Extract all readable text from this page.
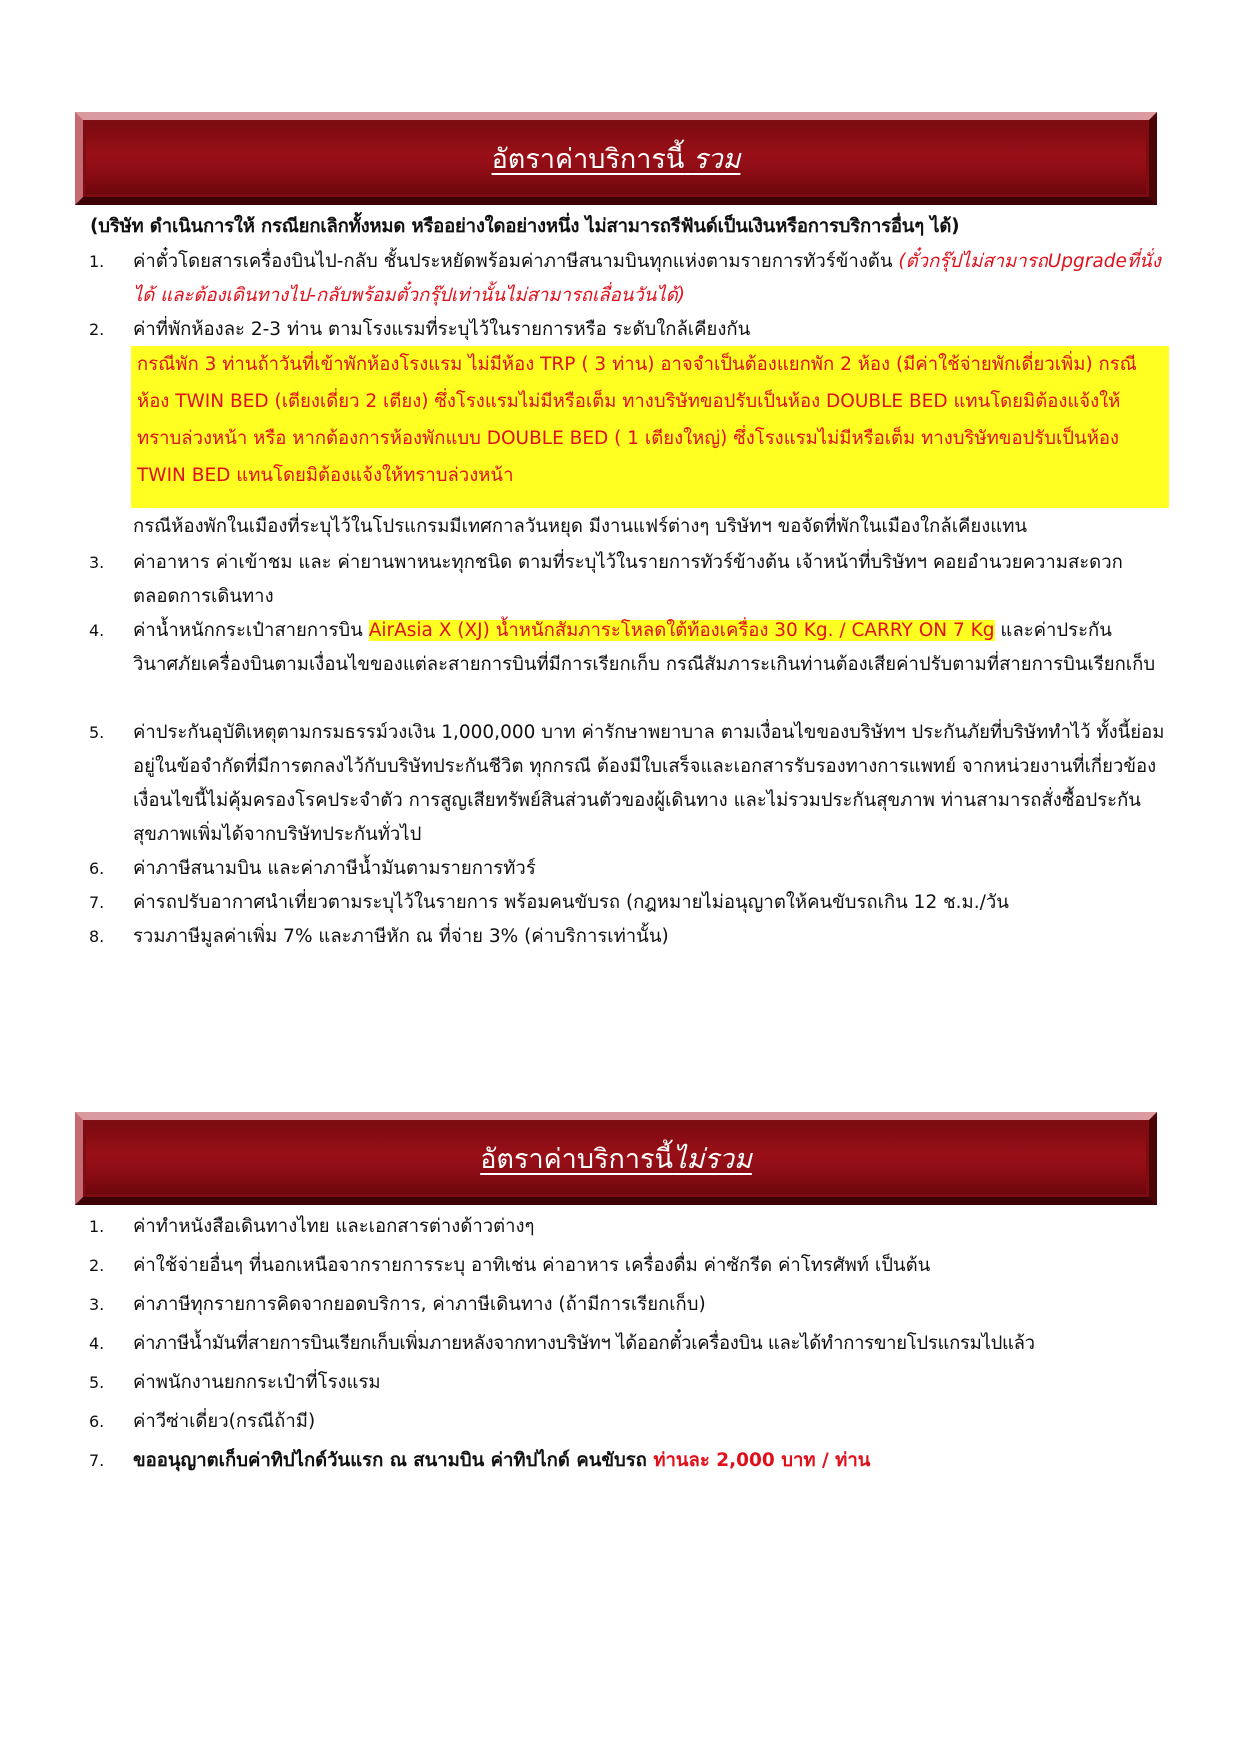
อัตราค่าบริการนี้ รวม
(บริษัท ดำเนินการให้ กรณียกเลิกทั้งหมด หรืออย่างใดอย่างหนึ่ง ไม่สามารถรีฟันด์เป็นเงินหรือการบริการอื่นๆ ได้)
1.	ค่าตั๋วโดยสารเครื่องบินไป-กลับ ชั้นประหยัดพร้อมค่าภาษีสนามบินทุกแห่งตามรายการทัวร์ข้างต้น (ตั๋วกรุ๊ปไม่สามารถUpgradeที่นั่ง ได้ และต้องเดินทางไป-กลับพร้อมตั๋วกรุ๊ปเท่านั้นไม่สามารถเลื่อนวันได้)
2.	ค่าที่พักห้องละ 2-3 ท่าน ตามโรงแรมที่ระบุไว้ในรายการหรือ ระดับใกล้เคียงกัน
กรณีพัก 3 ท่านถ้าวันที่เข้าพักห้องโรงแรม ไม่มีห้อง TRP ( 3 ท่าน) อาจจำเป็นต้องแยกพัก 2 ห้อง (มีค่าใช้จ่ายพักเดี่ยวเพิ่ม) กรณีห้อง TWIN BED (เตียงเดี่ยว 2 เตียง) ซึ่งโรงแรมไม่มีหรือเต็ม ทางบริษัทขอปรับเป็นห้อง DOUBLE BED แทนโดยมิต้องแจ้งให้ทราบล่วงหน้า หรือ หากต้องการห้องพักแบบ DOUBLE BED ( 1 เตียงใหญ่) ซึ่งโรงแรมไม่มีหรือเต็ม ทางบริษัทขอปรับเป็นห้อง TWIN BED แทนโดยมิต้องแจ้งให้ทราบล่วงหน้า
กรณีห้องพักในเมืองที่ระบุไว้ในโปรแกรมมีเทศกาลวันหยุด มีงานแฟร์ต่างๆ บริษัทฯ ขอจัดที่พักในเมืองใกล้เคียงแทน
3.	ค่าอาหาร ค่าเข้าชม และ ค่ายานพาหนะทุกชนิด ตามที่ระบุไว้ในรายการทัวร์ข้างต้น เจ้าหน้าที่บริษัทฯ คอยอำนวยความสะดวกตลอดการเดินทาง
4.	ค่าน้ำหนักกระเป๋าสายการบิน AirAsia X (XJ) น้ำหนักสัมภาระโหลดใต้ท้องเครื่อง 30 Kg. / CARRY ON 7 Kg และค่าประกันวินาศภัยเครื่องบินตามเงื่อนไขของแต่ละสายการบินที่มีการเรียกเก็บ กรณีสัมภาระเกินท่านต้องเสียค่าปรับตามที่สายการบินเรียกเก็บ
5.	ค่าประกันอุบัติเหตุตามกรมธรรม์วงเงิน 1,000,000 บาท ค่ารักษาพยาบาล ตามเงื่อนไขของบริษัทฯ ประกันภัยที่บริษัททำไว้ ทั้งนี้ย่อมอยู่ในข้อจำกัดที่มีการตกลงไว้กับบริษัทประกันชีวิต ทุกกรณี ต้องมีใบเสร็จและเอกสารรับรองทางการแพทย์ จากหน่วยงานที่เกี่ยวข้อง เงื่อนไขนี้ไม่คุ้มครองโรคประจำตัว การสูญเสียทรัพย์สินส่วนตัวของผู้เดินทาง และไม่รวมประกันสุขภาพ ท่านสามารถสั่งซื้อประกันสุขภาพเพิ่มได้จากบริษัทประกันทั่วไป
6.	ค่าภาษีสนามบิน และค่าภาษีน้ำมันตามรายการทัวร์
7.	ค่ารถปรับอากาศนำเที่ยวตามระบุไว้ในรายการ พร้อมคนขับรถ (กฎหมายไม่อนุญาตให้คนขับรถเกิน 12 ช.ม./วัน
8.	รวมภาษีมูลค่าเพิ่ม 7% และภาษีหัก ณ ที่จ่าย 3% (ค่าบริการเท่านั้น)
อัตราค่าบริการนี้ไม่รวม
1.	ค่าทำหนังสือเดินทางไทย และเอกสารต่างด้าวต่างๆ
2.	ค่าใช้จ่ายอื่นๆ ที่นอกเหนือจากรายการระบุ อาทิเช่น ค่าอาหาร เครื่องดื่ม ค่าซักรีด ค่าโทรศัพท์ เป็นต้น
3.	ค่าภาษีทุกรายการคิดจากยอดบริการ, ค่าภาษีเดินทาง (ถ้ามีการเรียกเก็บ)
4.	ค่าภาษีน้ำมันที่สายการบินเรียกเก็บเพิ่มภายหลังจากทางบริษัทฯ ได้ออกตั๋วเครื่องบิน และได้ทำการขายโปรแกรมไปแล้ว
5.	ค่าพนักงานยกกระเป๋าที่โรงแรม
6.	ค่าวีซ่าเดี่ยว(กรณีถ้ามี)
7.	ขออนุญาตเก็บค่าทิปไกด์วันแรก ณ สนามบิน ค่าทิปไกด์ คนขับรถ ท่านละ 2,000 บาท / ท่าน
